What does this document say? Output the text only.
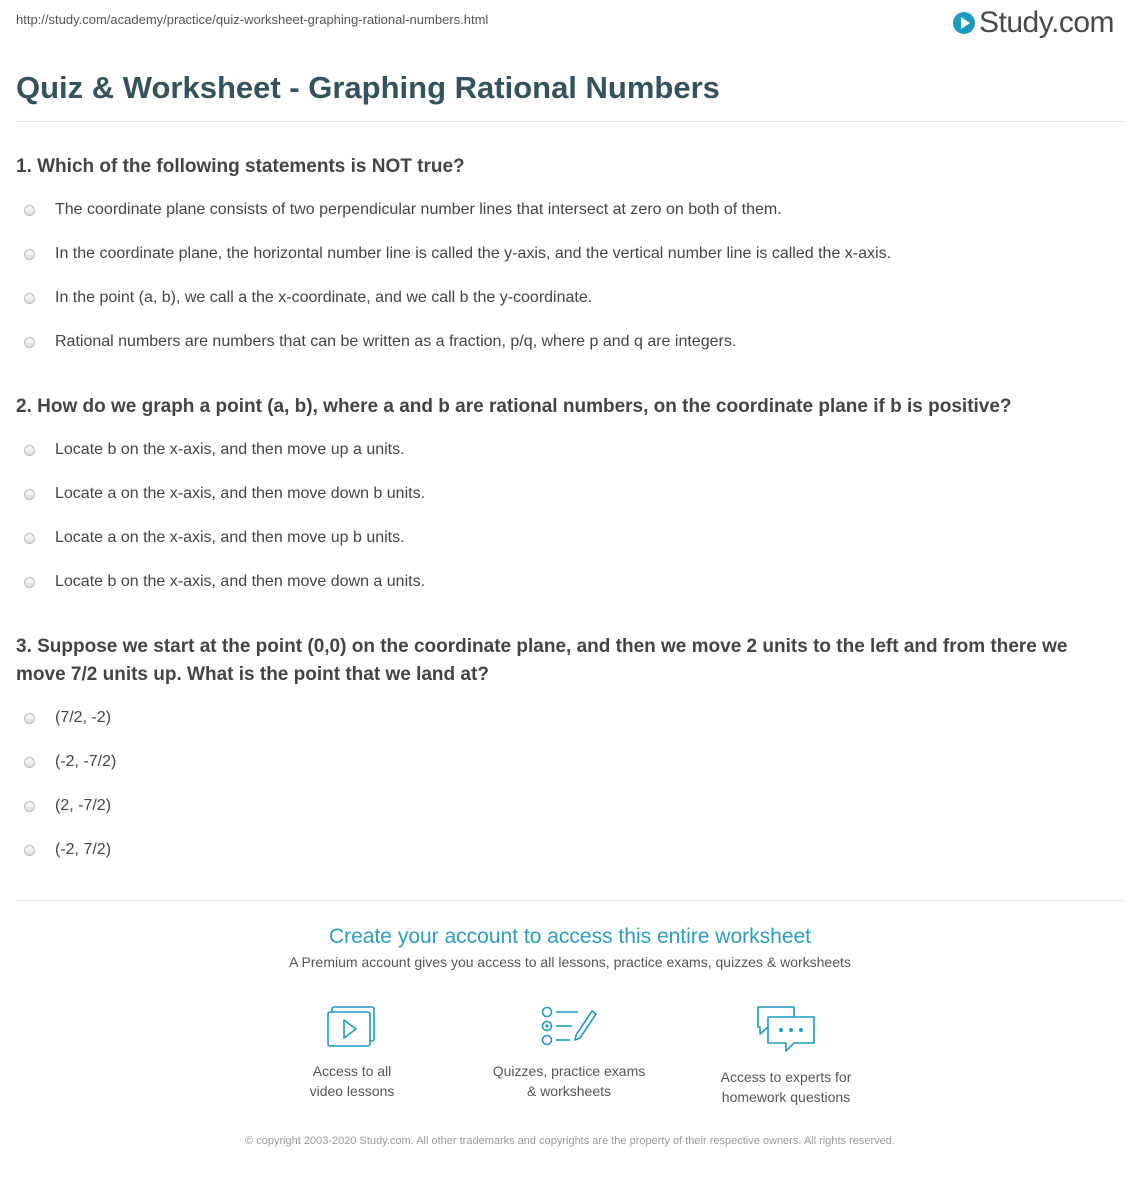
http://study.com/academy/practice/quiz-worksheet-graphing-rational-numbers.html	Study.com
Quiz & Worksheet - Graphing Rational Numbers

1. Which of the following statements is NOT true?

The coordinate plane consists of two perpendicular number lines that intersect at zero on both of them.
In the coordinate plane, the horizontal number line is called the y-axis, and the vertical number line is called the x-axis.
In the point (a, b), we call a the x-coordinate, and we call b the y-coordinate.
Rational numbers are numbers that can be written as a fraction, p/q, where p and q are integers.

2. How do we graph a point (a, b), where a and b are rational numbers, on the coordinate plane if b is positive?

Locate b on the x-axis, and then move up a units.
Locate a on the x-axis, and then move down b units.
Locate a on the x-axis, and then move up b units.
Locate b on the x-axis, and then move down a units.

3. Suppose we start at the point (0,0) on the coordinate plane, and then we move 2 units to the left and from there we move 7/2 units up. What is the point that we land at?

(7/2, -2)
(-2, -7/2)
(2, -7/2)
(-2, 7/2)
Create your account to access this entire worksheet
A Premium account gives you access to all lessons, practice exams, quizzes & worksheets
Access to all
video lessons
Quizzes, practice exams
& worksheets
Access to experts for
homework questions
© copyright 2003-2020 Study.com. All other trademarks and copyrights are the property of their respective owners. All rights reserved.
